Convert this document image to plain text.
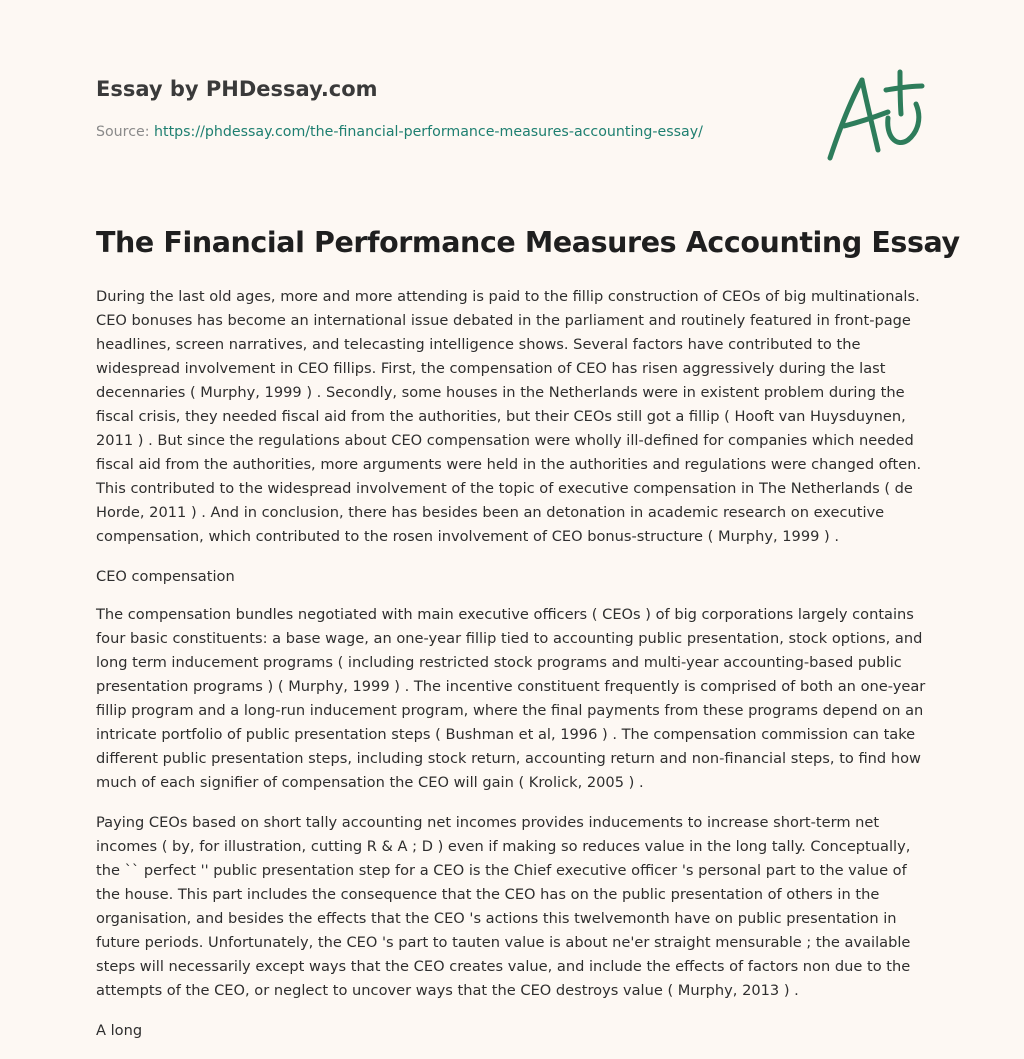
Essay by PHDessay.com
Source: https://phdessay.com/the-financial-performance-measures-accounting-essay/
The Financial Performance Measures Accounting Essay

During the last old ages, more and more attending is paid to the fillip construction of CEOs of big multinationals. CEO bonuses has become an international issue debated in the parliament and routinely featured in front-page headlines, screen narratives, and telecasting intelligence shows. Several factors have contributed to the widespread involvement in CEO fillips. First, the compensation of CEO has risen aggressively during the last decennaries ( Murphy, 1999 ) . Secondly, some houses in the Netherlands were in existent problem during the fiscal crisis, they needed fiscal aid from the authorities, but their CEOs still got a fillip ( Hooft van Huysduynen, 2011 ) . But since the regulations about CEO compensation were wholly ill-defined for companies which needed fiscal aid from the authorities, more arguments were held in the authorities and regulations were changed often. This contributed to the widespread involvement of the topic of executive compensation in The Netherlands ( de Horde, 2011 ) . And in conclusion, there has besides been an detonation in academic research on executive compensation, which contributed to the rosen involvement of CEO bonus-structure ( Murphy, 1999 ) .

CEO compensation

The compensation bundles negotiated with main executive officers ( CEOs ) of big corporations largely contains four basic constituents: a base wage, an one-year fillip tied to accounting public presentation, stock options, and long term inducement programs ( including restricted stock programs and multi-year accounting-based public presentation programs ) ( Murphy, 1999 ) . The incentive constituent frequently is comprised of both an one-year fillip program and a long-run inducement program, where the final payments from these programs depend on an intricate portfolio of public presentation steps ( Bushman et al, 1996 ) . The compensation commission can take different public presentation steps, including stock return, accounting return and non-financial steps, to find how much of each signifier of compensation the CEO will gain ( Krolick, 2005 ) .

Paying CEOs based on short tally accounting net incomes provides inducements to increase short-term net incomes ( by, for illustration, cutting R & A ; D ) even if making so reduces value in the long tally. Conceptually, the `` perfect '' public presentation step for a CEO is the Chief executive officer 's personal part to the value of the house. This part includes the consequence that the CEO has on the public presentation of others in the organisation, and besides the effects that the CEO 's actions this twelvemonth have on public presentation in future periods. Unfortunately, the CEO 's part to tauten value is about ne'er straight mensurable ; the available steps will necessarily except ways that the CEO creates value, and include the effects of factors non due to the attempts of the CEO, or neglect to uncover ways that the CEO destroys value ( Murphy, 2013 ) .

A long
